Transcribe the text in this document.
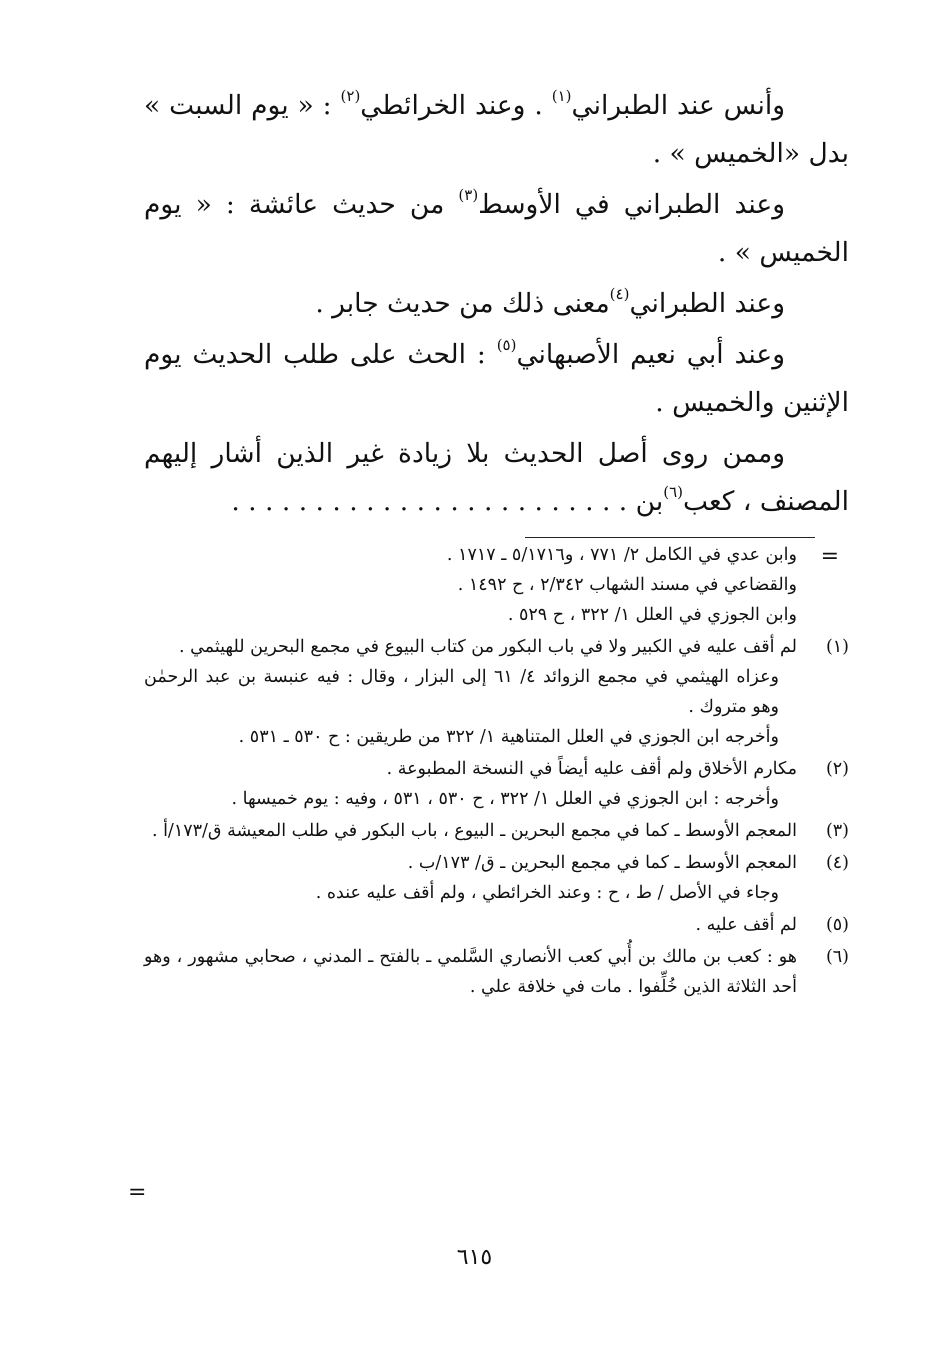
وأنس عند الطبراني$^{(١)}$ . وعند الخرائطي$^{(٢)}$ : « يوم السبت » بدل «الخميس » .

وعند الطبراني في الأوسط$^{(٣)}$ من حديث عائشة : « يوم الخميس » .

وعند الطبراني$^{(٤)}$معنى ذلك من حديث جابر .

وعند أبي نعيم الأصبهاني$^{(٥)}$ : الحث على طلب الحديث يوم الإثنين والخميس .

وممن روى أصل الحديث بلا زيادة غير الذين أشار إليهم المصنف ، كعب$^{(٦)}$بن . . . . . . . . . . . . . . . . . . . . . . . .

=
وابن عدي في الكامل ٢/ ٧٧١ ، و٥/١٧١٦ ـ ١٧١٧ .
والقضاعي في مسند الشهاب ٢/٣٤٢ ، ح ١٤٩٢ .
وابن الجوزي في العلل ١/ ٣٢٢ ، ح ٥٢٩ .
(١)
لم أقف عليه في الكبير ولا في باب البكور من كتاب البيوع في مجمع البحرين للهيثمي .
وعزاه الهيثمي في مجمع الزوائد ٤/ ٦١ إلى البزار ، وقال : فيه عنبسة بن عبد الرحمٰن وهو متروك .
وأخرجه ابن الجوزي في العلل المتناهية ١/ ٣٢٢ من طريقين : ح ٥٣٠ ـ ٥٣١ .
(٢)
مكارم الأخلاق ولم أقف عليه أيضاً في النسخة المطبوعة .
وأخرجه : ابن الجوزي في العلل ١/ ٣٢٢ ، ح ٥٣٠ ، ٥٣١ ، وفيه : يوم خميسها .
(٣)
المعجم الأوسط ـ كما في مجمع البحرين ـ البيوع ، باب البكور في طلب المعيشة ق/١٧٣/أ .
(٤)
المعجم الأوسط ـ كما في مجمع البحرين ـ ق/ ١٧٣/ب .
وجاء في الأصل / ط ، ح : وعند الخرائطي ، ولم أقف عليه عنده .
(٥)
لم أقف عليه .
(٦)
هو : كعب بن مالك بن أُبي كعب الأنصاري السَّلمي ـ بالفتح ـ المدني ، صحابي مشهور ، وهو أحد الثلاثة الذين خُلِّفوا . مات في خلافة علي .
=
٦١٥
